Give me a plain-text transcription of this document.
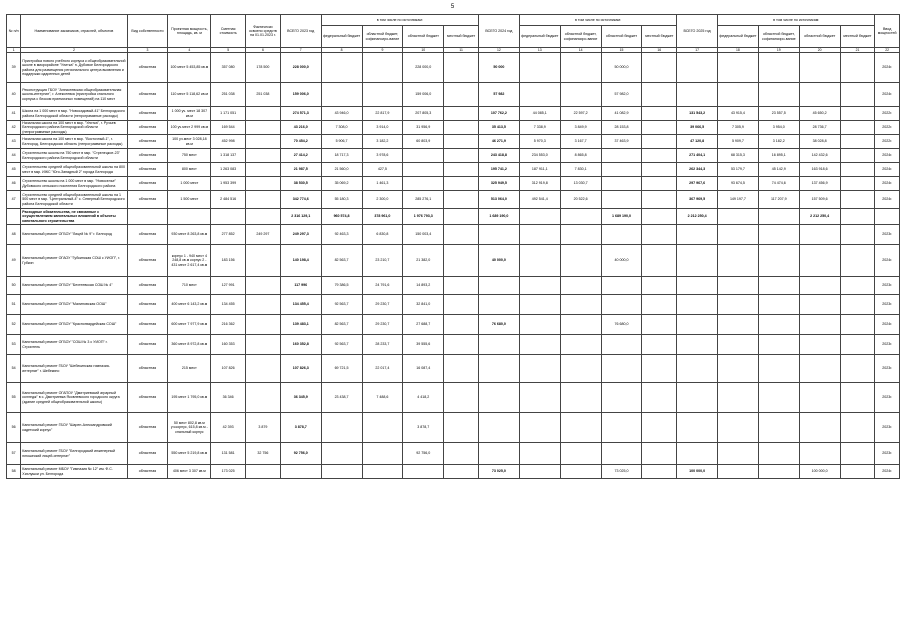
5
№ п/п	Наименование заказчиков, отраслей, объектов	Вид собственности	Проектная мощность, площадь, кв. м	Сметная стоимость	Фактически освоено средств на 01.01.2023 г.	ВСЕГО 2023 год	в том числе по источникам:				ВСЕГО 2024 год	в том числе по источникам:				ВСЕГО 2025 год	в том числе по источникам:				Ввод мощностей
							федеральный бюджет	областной бюджет, софинансиро-вание	областной бюджет	местный бюджет		федеральный бюджет	областной бюджет, софинансиро-вание	областной бюджет	местный бюджет		федеральный бюджет	областной бюджет, софинансиро-вание	областной бюджет	местный бюджет	
1	2	3	4	5	6	7	8	9	10	11	12	13	14	15	16	17	18	19	20	21	22
39	Пристройка нового учебного корпуса к общеобразовательной школе в микрорайоне "Улитка" п. Дубовое Белгородского района для размещения регионального центра выявления и поддержки одаренных детей	областная	100 мест 5 453,85 кв.м	357 080	178 500	228 000,0			228 000,0		50 000			50 000,0							2024г.
40	Реконструкция ГБОУ "Алексеевская общеобразовательная школа-интернат", г. Алексеевка (пристройка спального корпуса с блоком приемочных помещений) на 110 мест	областная	110 мест 5 118,62 кв.м	251 038	251 038	159 006,0			159 006,0		57 982			57 982,0							2024г.
41	Школа на 1 000 мест в мкр. "Новосадовый-41" Белгородского района Белгородской области (непрограммные расходы)	областная	1 000 уч. мест 18 307 кв.м	1 171 051		274 571,3	43 946,0	22 817,9	207 805,3		107 762,2	44 085,1	22 597,2	41 082,9		131 543,2	43 915,4	23 557,5	45 650,2		2022г.
42	Начальная школа на 100 мест в мкр. "Улитка", г. Ручьев Белгородского района Белгородской области (непрограммные расходы)	областная	100 уч.мест 2 999 кв.м	169 544		43 216,0	7 308,0	3 914,0	31 956,9		35 413,5	7 338,9	3 849,9	28 153,8		39 066,5	7 305,9	3 954,0	28 736,7		2022г.
43	Начальная школа на 100 мест в мкр. "Восточный-1", г. Белгород, Белгородская область (непрограммные расходы)	областная	100 уч.мест 3 028,18 кв.м	452 998		70 454,2	5 906,7	3 182,2	60 803,9		46 271,9	5 970,3	3 167,7	37 463,9		47 120,8	5 909,7	3 182,2	38 028,8		2022г.
44	Строительство школы на 750 мест в мкр. "Стрелецкое-23" Белгородского района Белгородской области	областная	750 мест	1 318 137		27 414,2	18 717,3	3 978,6			243 418,8	234 553,0	8 865,8			271 404,1	68 315,3	16 895,1	142 432,6		2024г.
45	Строительство средней общеобразовательной школы на 800 мест в мкр. ИЖС "Юго-Западный 2" города Белгорода	областная	800 мест	1 263 083		21 987,5	21 560,0	427,5			195 741,2	187 911,1	7 830,1			262 344,3	53 179,7	45 142,9	163 918,6		2024г.
46	Строительство школы на 1 000 мест в мкр. "Новоселье" Дубовского сельского поселения Белгородского района	областная	1 000 мест	1 953 399		38 530,5	35 069,2	1 461,3			325 949,5	312 919,8	13 030,7			297 967,6	93 674,5	74 474,6	137 456,9		2024г.
47	Строительство средней общеобразовательной школы на 1 500 мест в мкр. "Центральный-4" с. Северный Белгородского района Белгородской области	областная	1 500 мест	2 484 516		342 774,6	55 180,3	2 300,0	285 276,1		513 064,0	492 541,4	20 522,6			367 969,5	149 197,7	117 207,9	157 509,6		2024г.
	Расходные обязательства, не связанные с осуществлением капитальных вложений в объекты капитального строительства					2 316 129,1	960 574,8	378 961,0	1 976 793,3		1 689 190,0			1 689 190,0		2 212 250,4			2 212 250,4		
48	Капитальный ремонт ОГБОУ "Лицей № 9" г. Белгород	областная	930 мест 8 263,8 кв.м	277 852	249 297	249 297,3	92 463,3	6 830,8	150 003,4												2023г.
49	Капитальный ремонт ОГАОУ "Губкинская СОШ с УИОП", г. Губкин	областная	корпус 1 - 940 мест 4 248,8 кв.м корпус 2 - 431 мест 2 617,4 кв.м	183 156		140 198,4	82 563,7	23 210,7	21 382,0		40 000,0			40 000,0							2024г.
50	Капитальный ремонт ОГБОУ "Бехтеевская СОШ № 4"	областная	710 мест	127 991		117 996	79 386,5	24 791,6	14 893,2												2023г.
51	Капитальный ремонт ОГБОУ "Малиновская ООШ"	областная	400 мест 6 143,2 кв.м	134 455		134 455,4	92 563,7	29 230,7	32 841,0												2023г.
52	Капитальный ремонт ОГБОУ "Красногвардейская СОШ"	областная	600 мест 7 977,9 кв.м	216 362		139 483,1	82 563,7	29 230,7	27 688,7		76 680,0			76 680,0							2024г.
53	Капитальный ремонт ОГБОУ "СОШ № 3 с УИОП" г. Строитель	областная	360 мест 8 972,8 кв.м	160 353		160 352,8	92 563,7	28 233,7	39 555,6												2023г.
54	Капитальный ремонт ГБОУ "Шебекинская гимназия-интернат" г. Шебекино	областная	215 мест	107 826		107 826,3	69 721,5	22 017,4	16 087,4												2023г.
55	Капитальный ремонт ОГАПОУ "Дмитриевский аграрный колледж" в с. Дмитриевка Яковлевского городского округа (здание средней общеобразовательной школы)	областная	195 мест 1 795,0 кв.м	36 346		36 345,9	23 438,7	7 488,6	4 418,2												2023г.
56	Капитальный ремонт ГБОУ "Шарен-Александровский кадетский корпус"	областная	50 мест 802,8 кв.м уч.корпус, 615,8 кв.м - спальный корпус	42 393	3 879	3 878,7			3 878,7												2023г.
57	Капитальный ремонт ГБОУ "Белгородский инженерный юношеский лицей-интернат"	областная	550 мест 5 219,8 кв.м	131 581	32 756	92 756,0			92 756,0												2023г.
58	Капитальный ремонт МБОУ "Гимназия № 12" им. Ф.С. Хихлушки ул. Белгорода	областная	406 мест 3 307 кв.м	173 025							73 025,0			73 025,0		100 000,0			100 000,0		2024г.
